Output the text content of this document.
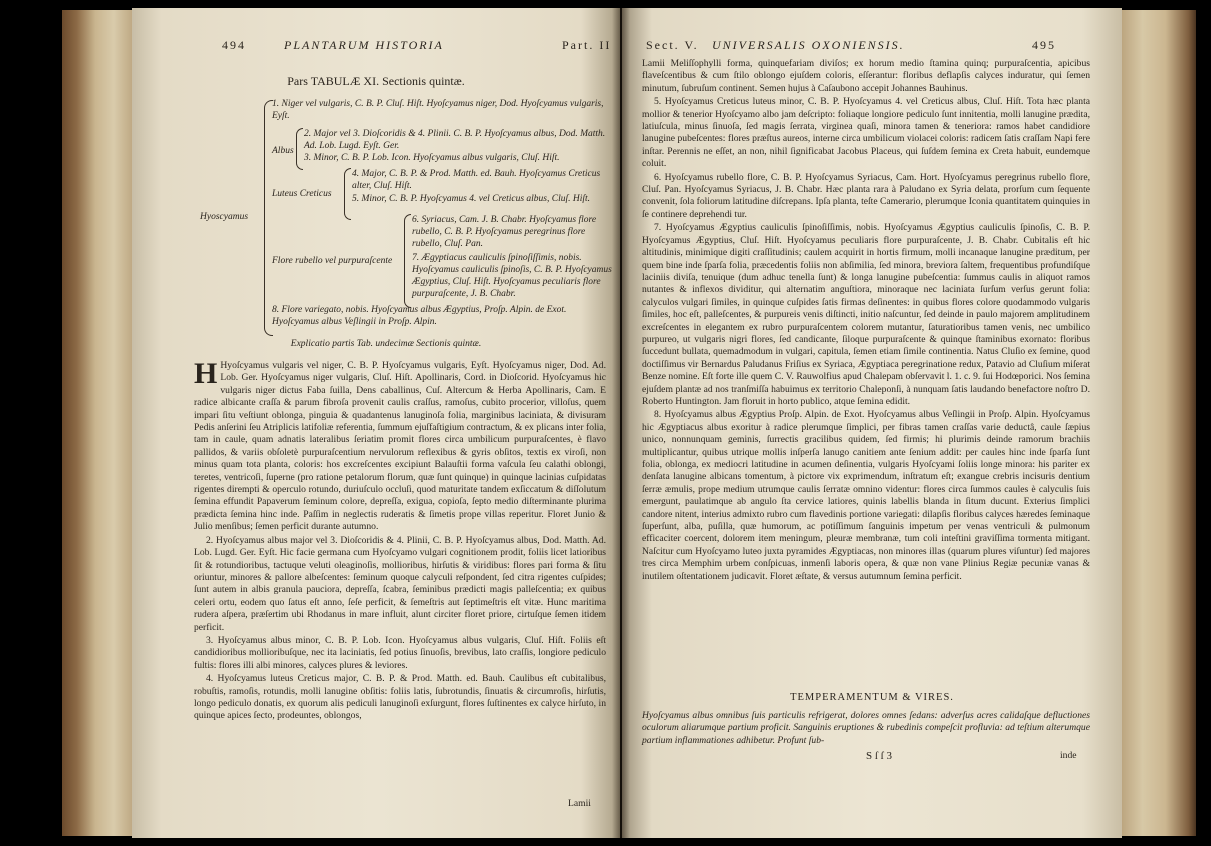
494	PLANTARUM HISTORIA	Part. II
Pars TABULÆ XI. Sectionis quintæ.
Hyoscyamus
1. Niger vel vulgaris, C. B. P. Cluſ. Hiſt. Hyoſcyamus niger, Dod. Hyoſcyamus vulgaris, Eyſt.
Albus
2. Major vel 3. Dioſcoridis & 4. Plinii. C. B. P. Hyoſcyamus albus, Dod. Matth. Ad. Lob. Lugd. Eyſt. Ger.
3. Minor, C. B. P. Lob. Icon. Hyoſcyamus albus vulgaris, Cluſ. Hiſt.
Luteus Creticus
4. Major, C. B. P. & Prod. Matth. ed. Bauh. Hyoſcyamus Creticus alter, Cluſ. Hiſt.
5. Minor, C. B. P. Hyoſcyamus 4. vel Creticus albus, Cluſ. Hiſt.
Flore rubello vel purpuraſcente
6. Syriacus, Cam. J. B. Chabr. Hyoſcyamus flore rubello, C. B. P. Hyoſcyamus peregrinus flore rubello, Cluſ. Pan.
7. Ægyptiacus cauliculis ſpinoſiſſimis, nobis. Hyoſcyamus cauliculis ſpinoſis, C. B. P. Hyoſcyamus Ægyptius, Cluſ. Hiſt. Hyoſcyamus peculiaris flore purpuraſcente, J. B. Chabr.
8. Flore variegato, nobis. Hyoſcyamus albus Ægyptius, Proſp. Alpin. de Exot. Hyoſcyamus albus Veſlingii in Proſp. Alpin.
Explicatio partis Tab. undecimæ Sectionis quintæ.

H Hyoſcyamus vulgaris vel niger, C. B. P. Hyoſcyamus vulgaris, Eyſt. Hyoſcyamus niger, Dod. Ad. Lob. Ger. Hyoſcyamus niger vulgaris, Cluſ. Hiſt. Apollinaris, Cord. in Dioſcorid. Hyoſcyamus hic vulgaris niger dictus Faba ſuilla, Dens caballinus, Cuſ. Altercum & Herba Apollinaris, Cam. E radice albicante craſſa & parum fibroſa provenit caulis craſſus, ramoſus, cubito procerior, villoſus, quem impari ſitu veſtiunt oblonga, pinguia & quadantenus lanuginoſa folia, marginibus laciniata, & divisuram Pedis anſerini ſeu Atriplicis latifoliæ referentia, ſummum ejuſfaſtigium contractum, & ex plicans inter folia, tam in caule, quam adnatis lateralibus ſeriatim promit flores circa umbilicum purpuraſcentes, è flavo pallidos, & variis obſoletè purpuraſcentium nervulorum reflexibus & gyris obſitos, textis ex viroſi, non minus quam tota planta, coloris: hos excreſcentes excipiunt Balauſtii forma vaſcula ſeu calathi oblongi, teretes, ventricoſi, ſuperne (pro ratione petalorum florum, quæ ſunt quinque) in quinque lacinias cuſpidatas rigentes dirempti & operculo rotundo, duriuſculo occluſi, quod maturitate tandem exſiccatum & diſſolutum ſemina effundit Papaverum ſeminum colore, depreſſa, exigua, copioſa, ſepto medio diſterminante plurima prædicta ſemina hinc inde. Paſſim in neglectis ruderatis & ſimetis prope villas reperitur. Floret Junio & Julio menſibus; ſemen perficit durante autumno.

2. Hyoſcyamus albus major vel 3. Dioſcoridis & 4. Plinii, C. B. P. Hyoſcyamus albus, Dod. Matth. Ad. Lob. Lugd. Ger. Eyſt. Hic facie germana cum Hyoſcyamo vulgari cognitionem prodit, foliis licet latioribus ſit & rotundioribus, tactuque veluti oleaginoſis, mollioribus, hirſutis & viridibus: flores pari forma & ſitu oriuntur, minores & pallore albeſcentes: ſeminum quoque calyculi reſpondent, ſed citra rigentes cuſpides; ſunt autem in albis granula pauciora, depreſſa, ſcabra, ſeminibus prædicti magis palleſcentia; ex quibus celeri ortu, eodem quo ſatus eſt anno, ſeſe perficit, & ſemeſtris aut ſeptimeſtris eſt vitæ. Hunc maritima rudera aſpera, præſertim ubi Rhodanus in mare influit, alunt circiter floret priore, cirtuſque ſemen itidem perficit.

3. Hyoſcyamus albus minor, C. B. P. Lob. Icon. Hyoſcyamus albus vulgaris, Cluſ. Hiſt. Foliis eſt candidioribus mollioribuſque, nec ita laciniatis, ſed potius ſinuoſis, brevibus, lato craſſis, longiore pediculo fultis: flores illi albi minores, calyces plures & leviores.

4. Hyoſcyamus luteus Creticus major, C. B. P. & Prod. Matth. ed. Bauh. Caulibus eſt cubitalibus, robuſtis, ramoſis, rotundis, molli lanugine obſitis: foliis latis, ſubrotundis, ſinuatis & circumroſis, hirſutis, longo pediculo donatis, ex quorum alis pediculi lanuginoſi exſurgunt, flores ſuſtinentes ex calyce hirſuto, in quinque apices ſecto, prodeuntes, oblongos,

Lamii
Sect. V. UNIVERSALIS OXONIENSIS.	495

Lamii Meliſſophylli forma, quinquefariam diviſos; ex horum medio ſtamina quinq; purpuraſcentia, apicibus flaveſcentibus & cum ſtilo oblongo ejuſdem coloris, eſſerantur: floribus deflapſis calyces induratur, qui ſemen minutum, ſubruſum continent. Semen hujus à Caſaubono accepit Johannes Bauhinus.

5. Hyoſcyamus Creticus luteus minor, C. B. P. Hyoſcyamus 4. vel Creticus albus, Cluſ. Hiſt. Tota hæc planta mollior & tenerior Hyoſcyamo albo jam deſcripto: foliaque longiore pediculo ſunt innitentia, molli lanugine prædita, latiuſcula, minus ſinuoſa, ſed magis ſerrata, virginea quaſi, minora tamen & teneriora: ramos habet candidiore lanugine pubeſcentes: flores præſtus aureos, interne circa umbilicum violacei coloris: radicem ſatis craſſam Napi fere inſtar. Perennis ne eſſet, an non, nihil ſignificabat Jacobus Placeus, qui ſuſdem ſemina ex Creta habuit, eundemque coluit.

6. Hyoſcyamus rubello flore, C. B. P. Hyoſcyamus Syriacus, Cam. Hort. Hyoſcyamus peregrinus rubello flore, Cluſ. Pan. Hyoſcyamus Syriacus, J. B. Chabr. Hæc planta rara à Paludano ex Syria delata, prorſum cum ſequente convenit, ſola foliorum latitudine diſcrepans. Ipſa planta, teſte Camerario, plerumque Iconia quantitatem quinquies in ſe continere deprehendi tur.

7. Hyoſcyamus Ægyptius cauliculis ſpinoſiſſimis, nobis. Hyoſcyamus Ægyptius cauliculis ſpinoſis, C. B. P. Hyoſcyamus Ægyptius, Cluſ. Hiſt. Hyoſcyamus peculiaris flore purpuraſcente, J. B. Chabr. Cubitalis eſt hic altitudinis, minimique digiti craſſitudinis; caulem acquirit in hortis firmum, molli incanaque lanugine præditum, per quem bine inde ſparſa folia, præcedentis foliis non abſimilia, ſed minora, breviora ſaltem, frequentibus profundiſque laciniis diviſa, tenuique (dum adhuc tenella ſunt) & longa lanugine pubeſcentia: ſummus caulis in aliquot ramos nutantes & inflexos dividitur, qui alternatim anguſtiora, minoraque nec laciniata ſurſum verſus gerunt folia: calyculos vulgari ſimiles, in quinque cuſpides ſatis firmas deſinentes: in quibus flores colore quodammodo vulgaris ſimiles, hoc eſt, palleſcentes, & purpureis venis diſtincti, initio naſcuntur, ſed deinde in paulo majorem amplitudinem excreſcentes in elegantem ex rubro purpuraſcentem colorem mutantur, ſaturatioribus tamen venis, nec umbilico purpureo, ut vulgaris nigri flores, ſed candicante, ſiloque purpuraſcente & quinque ſtaminibus exornato: floribus ſuccedunt bullata, quemadmodum in vulgari, capitula, ſemen etiam ſimile continentia. Natus Cluſio ex ſemine, quod doctiſſimus vir Bernardus Paludanus Friſius ex Syriaca, Ægyptiaca peregrinatione redux, Patavio ad Cluſium miſerat Benze nomine. Eſt forte ille quem C. V. Rauwolfius apud Chalepam obſervavit l. 1. c. 9. ſui Hodœporici. Nos ſemina ejuſdem plantæ ad nos tranſmiſſa habuimus ex territorio Chaleponſi, à nunquam ſatis laudando benefactore noſtro D. Roberto Huntington. Jam floruit in horto publico, atque ſemina edidit.

8. Hyoſcyamus albus Ægyptius Proſp. Alpin. de Exot. Hyoſcyamus albus Veſlingii in Proſp. Alpin. Hyoſcyamus hic Ægyptiacus albus exoritur à radice plerumque ſimplici, per fibras tamen craſſas varie deductâ, caule ſæpius unico, nonnunquam geminis, ſurrectis gracilibus quidem, ſed firmis; hi plurimis deinde ramorum brachiis multiplicantur, quibus utrique mollis inſperſa lanugo canitiem ante ſenium addit: per caules hinc inde ſparſa ſunt folia, oblonga, ex mediocri latitudine in acumen deſinentia, vulgaris Hyoſcyami ſoliis longe minora: his pariter ex denſata lanugine albicans tomentum, à pictore vix exprimendum, inſtratum eſt; exangue crebris incisuris dentium ſerræ æmulis, prope medium utrumque caulis ſerratæ omnino videntur: flores circa ſummos caules è calyculis ſuis emergunt, paulatimque ab angulo ſta cervice latiores, quinis labellis blanda in ſitum ducunt. Exterius ſimplici candore nitent, interius admixto rubro cum flavedinis portione variegati: dilapſis floribus calyces hæredes ſeminaque ſuperſunt, alba, puſilla, quæ humorum, ac potiſſimum ſanguinis impetum per venas ventriculi & pulmonum efficaciter coercent, dolorem item meningum, pleuræ membranæ, tum coli inteſtini graviſſima tormenta mitigant. Naſcitur cum Hyoſcyamo luteo juxta pyramides Ægyptiacas, non minores illas (quarum plures viſuntur) ſed majores tres circa Memphim urbem conſpicuas, inmenſi laboris opera, & quæ non vane Plinius Regiæ pecuniæ vanas & inutilem oſtentationem judicavit. Floret æſtate, & versus autumnum ſemina perficit.

TEMPERAMENTUM & VIRES.
Hyoſcyamus albus omnibus ſuis particulis refrigerat, dolores omnes ſedans: adverſus acres calidaſque defluctiones oculorum aliarumque partium proficit. Sanguinis eruptiones & rubedinis compeſcit profluvia: ad teſtium alterumque partium inflammationes adhibetur. Profunt ſub-
S ſ ſ 3	inde
